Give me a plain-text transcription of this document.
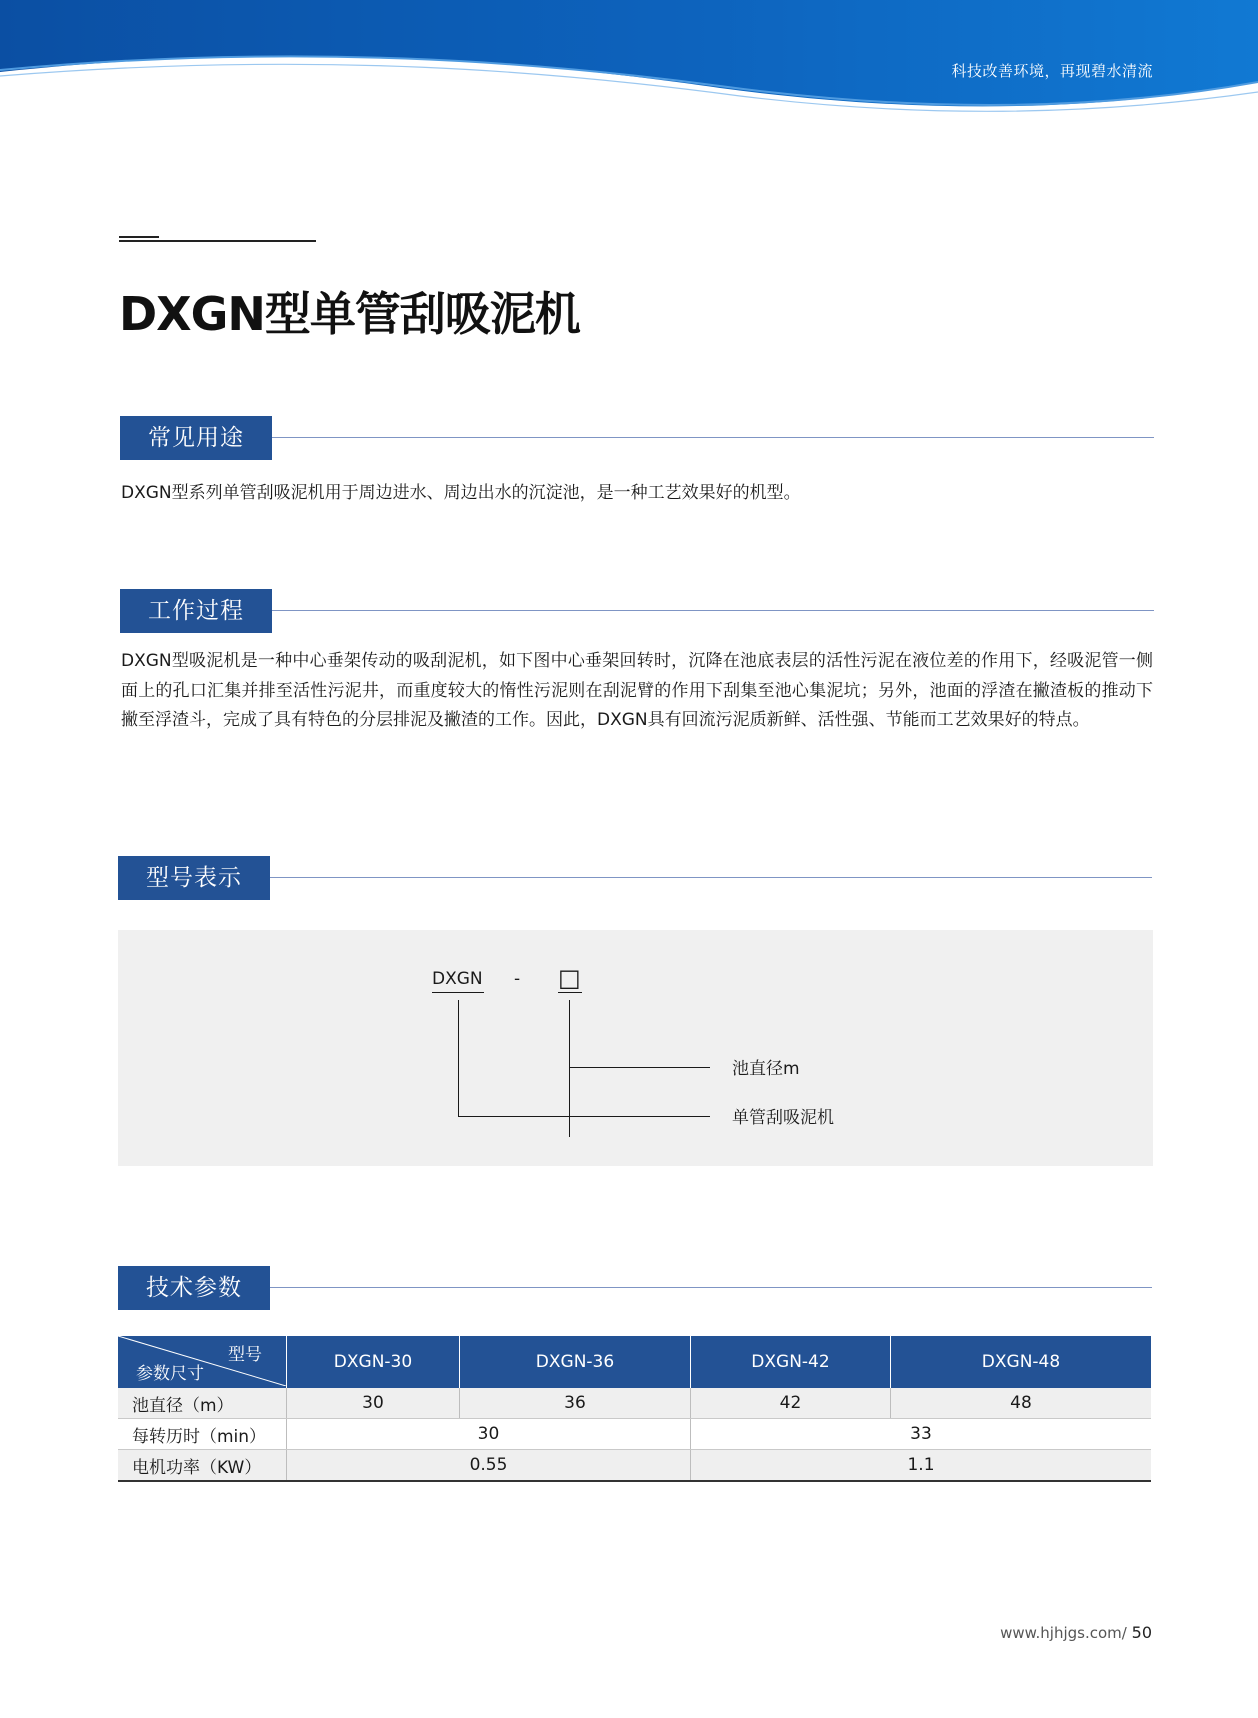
科技改善环境，再现碧水清流
DXGN型单管刮吸泥机
常见用途

DXGN型系列单管刮吸泥机用于周边进水、周边出水的沉淀池，是一种工艺效果好的机型。

工作过程

DXGN型吸泥机是一种中心垂架传动的吸刮泥机，如下图中心垂架回转时，沉降在池底表层的活性污泥在液位差的作用下，经吸泥管一侧面上的孔口汇集并排至活性污泥井，而重度较大的惰性污泥则在刮泥臂的作用下刮集至池心集泥坑；另外，池面的浮渣在撇渣板的推动下撇至浮渣斗，完成了具有特色的分层排泥及撇渣的工作。因此，DXGN具有回流污泥质新鲜、活性强、节能而工艺效果好的特点。

型号表示
DXGN - □
池直径m
单管刮吸泥机
技术参数
型号
参数尺寸	DXGN-30	DXGN-36	DXGN-42	DXGN-48
池直径（m）	30	36	42	48
每转历时（min）	30		33	
电机功率（KW）	0.55		1.1	
www.hjhjgs.com/ 50
